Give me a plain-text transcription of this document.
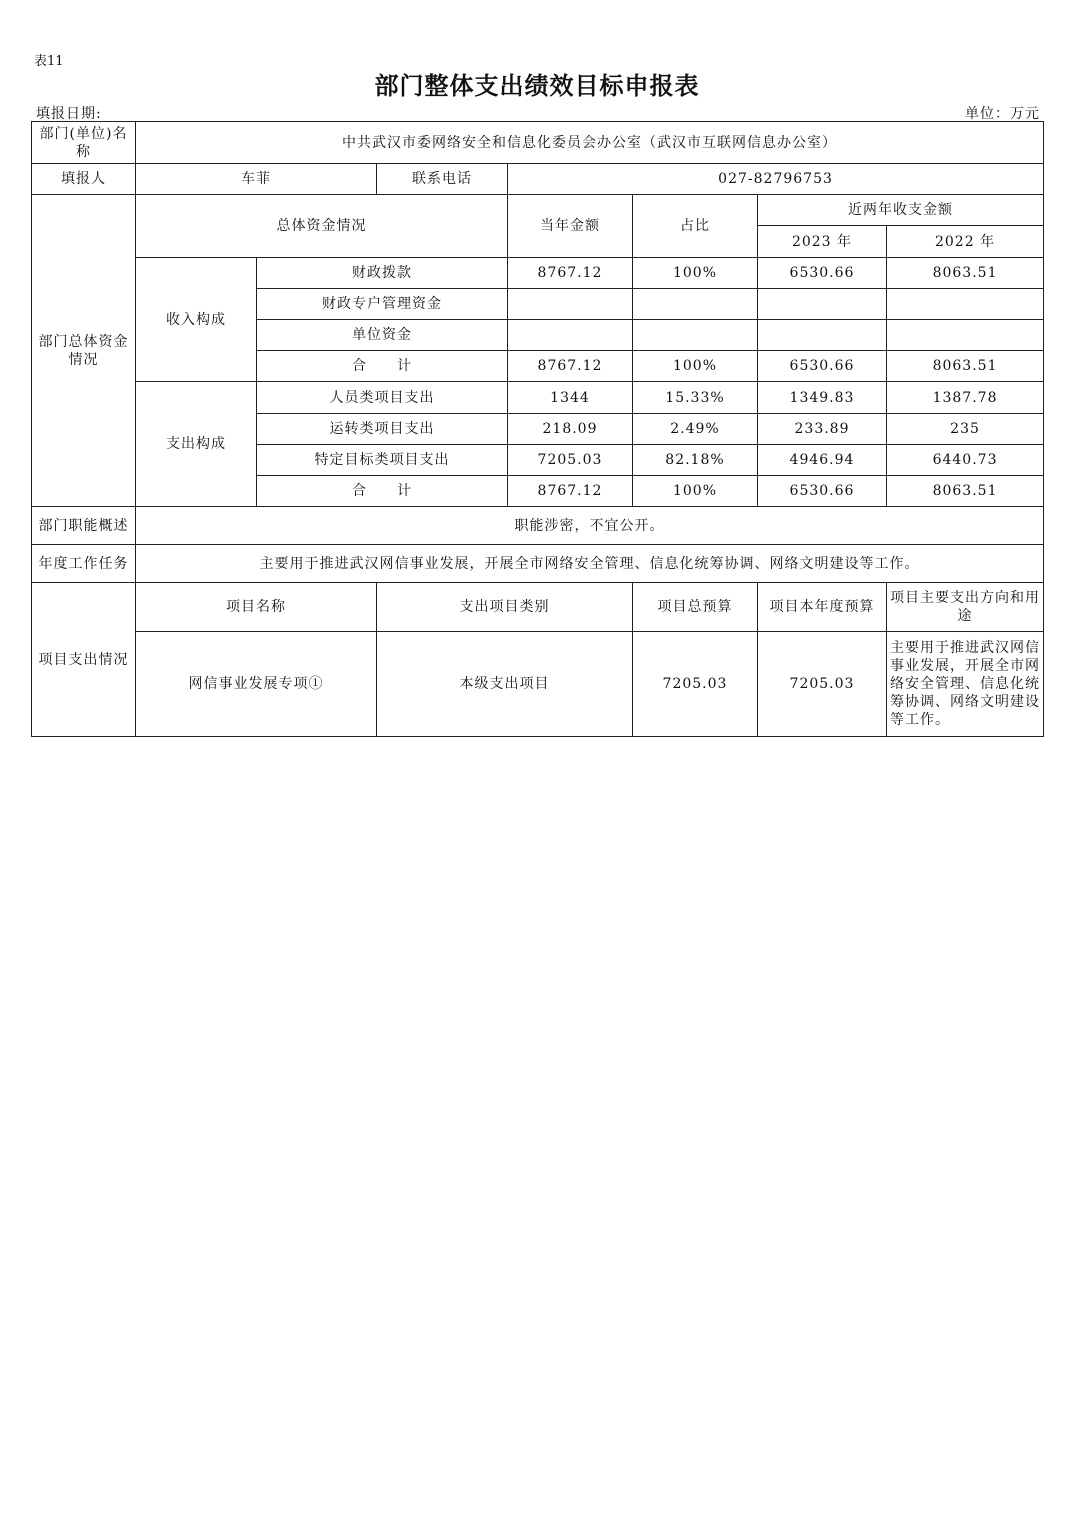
表11
部门整体支出绩效目标申报表
填报日期:	单位：万元
部门(单位)名称	中共武汉市委网络安全和信息化委员会办公室（武汉市互联网信息办公室）						
填报人	车菲		联系电话	027-82796753			
部门总体资金情况	总体资金情况			当年金额	占比	近两年收支金额	
						2023 年	2022 年
	收入构成	财政拨款		8767.12	100%	6530.66	8063.51
		财政专户管理资金					
		单位资金					
		合　　计		8767.12	100%	6530.66	8063.51
	支出构成	人员类项目支出		1344	15.33%	1349.83	1387.78
		运转类项目支出		218.09	2.49%	233.89	235
		特定目标类项目支出		7205.03	82.18%	4946.94	6440.73
		合　　计		8767.12	100%	6530.66	8063.51
部门职能概述	职能涉密，不宜公开。						
年度工作任务	主要用于推进武汉网信事业发展，开展全市网络安全管理、信息化统筹协调、网络文明建设等工作。						
项目支出情况	项目名称		支出项目类别		项目总预算	项目本年度预算	项目主要支出方向和用途
	网信事业发展专项①		本级支出项目		7205.03	7205.03	主要用于推进武汉网信事业发展，开展全市网络安全管理、信息化统筹协调、网络文明建设等工作。
